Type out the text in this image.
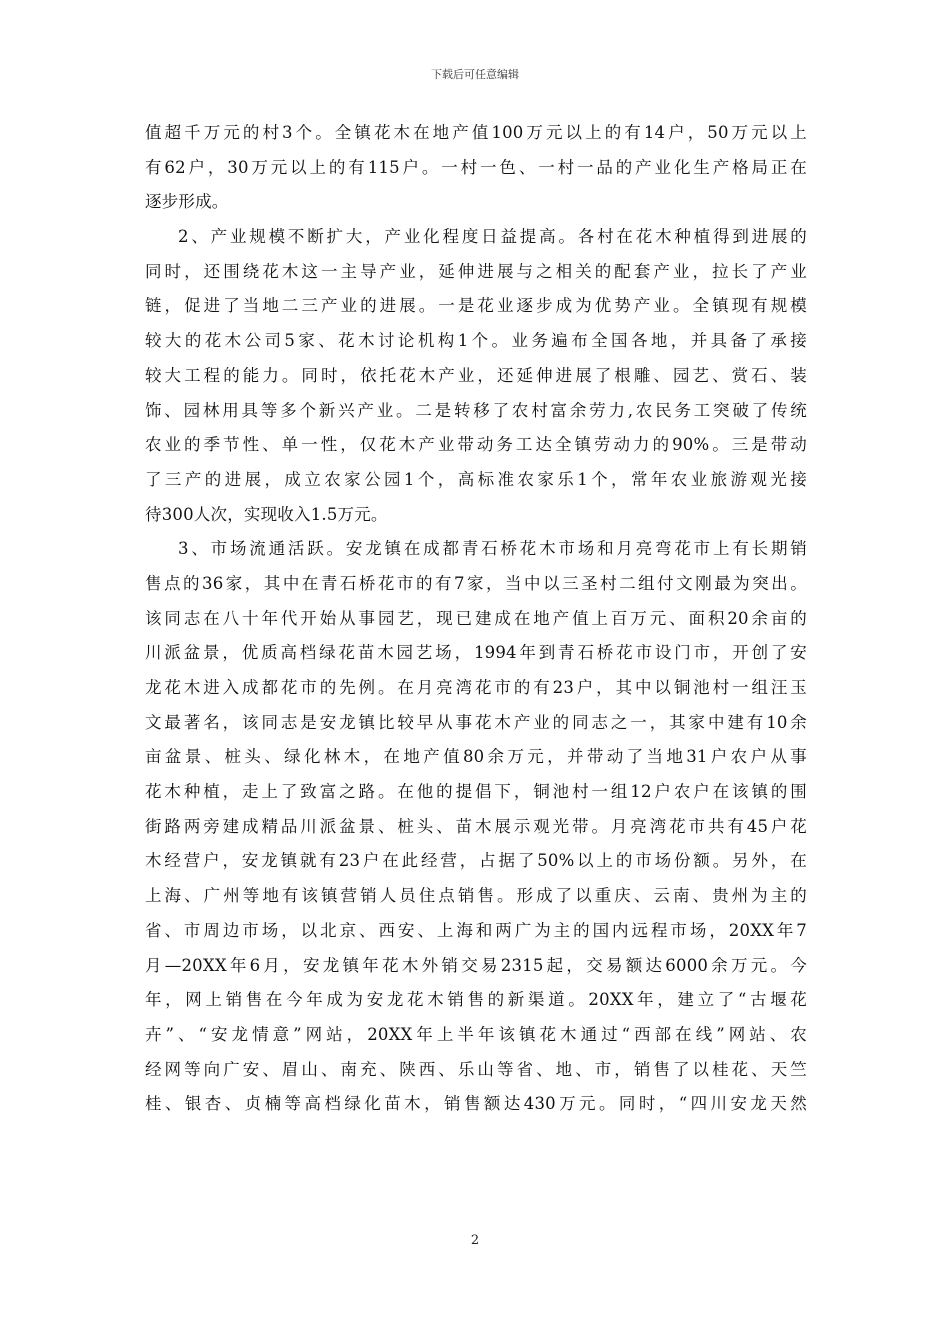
下载后可任意编辑
值超千万元的村3个。全镇花木在地产值100万元以上的有14户，50万元以上
有62户，30万元以上的有115户。一村一色、一村一品的产业化生产格局正在
逐步形成。
2、产业规模不断扩大，产业化程度日益提高。各村在花木种植得到进展的
同时，还围绕花木这一主导产业，延伸进展与之相关的配套产业，拉长了产业
链，促进了当地二三产业的进展。一是花业逐步成为优势产业。全镇现有规模
较大的花木公司5家、花木讨论机构1个。业务遍布全国各地，并具备了承接
较大工程的能力。同时，依托花木产业，还延伸进展了根雕、园艺、赏石、装
饰、园林用具等多个新兴产业。二是转移了农村富余劳力,农民务工突破了传统
农业的季节性、单一性，仅花木产业带动务工达全镇劳动力的90%。三是带动
了三产的进展，成立农家公园1个，高标准农家乐1个，常年农业旅游观光接
待300人次，实现收入1.5万元。
3、市场流通活跃。安龙镇在成都青石桥花木市场和月亮弯花市上有长期销
售点的36家，其中在青石桥花市的有7家，当中以三圣村二组付文刚最为突出。
该同志在八十年代开始从事园艺，现已建成在地产值上百万元、面积20余亩的
川派盆景，优质高档绿花苗木园艺场，1994年到青石桥花市设门市，开创了安
龙花木进入成都花市的先例。在月亮湾花市的有23户，其中以铜池村一组汪玉
文最著名，该同志是安龙镇比较早从事花木产业的同志之一，其家中建有10余
亩盆景、桩头、绿化林木，在地产值80余万元，并带动了当地31户农户从事
花木种植，走上了致富之路。在他的提倡下，铜池村一组12户农户在该镇的围
街路两旁建成精品川派盆景、桩头、苗木展示观光带。月亮湾花市共有45户花
木经营户，安龙镇就有23户在此经营，占据了50%以上的市场份额。另外，在
上海、广州等地有该镇营销人员住点销售。形成了以重庆、云南、贵州为主的
省、市周边市场，以北京、西安、上海和两广为主的国内远程市场，20XX年7
月—20XX年6月，安龙镇年花木外销交易2315起，交易额达6000余万元。今
年，网上销售在今年成为安龙花木销售的新渠道。20XX年，建立了“古堰花
卉”、“安龙情意”网站，20XX年上半年该镇花木通过“西部在线”网站、农
经网等向广安、眉山、南充、陕西、乐山等省、地、市，销售了以桂花、天竺
桂、银杏、贞楠等高档绿化苗木，销售额达430万元。同时，“四川安龙天然
2
